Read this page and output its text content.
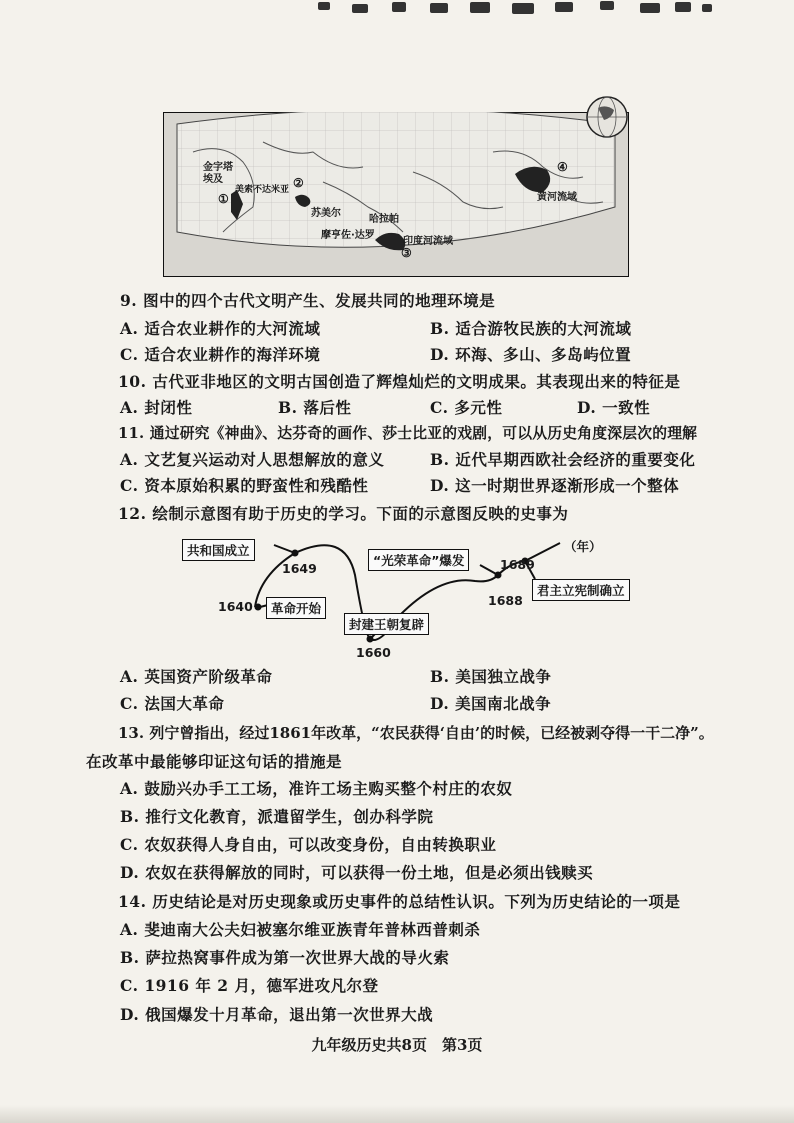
金字塔
埃及
①
美索不达米亚 ②
苏美尔
哈拉帕
摩亨佐·达罗
印度河流域
③
④
黄河流域
9. 图中的四个古代文明产生、发展共同的地理环境是
A. 适合农业耕作的大河流域	B. 适合游牧民族的大河流域
C. 适合农业耕作的海洋环境	D. 环海、多山、多岛屿位置
10. 古代亚非地区的文明古国创造了辉煌灿烂的文明成果。其表现出来的特征是
A. 封闭性	B. 落后性	C. 多元性	D. 一致性
11. 通过研究《神曲》、达芬奇的画作、莎士比亚的戏剧，可以从历史角度深层次的理解
A. 文艺复兴运动对人思想解放的意义	B. 近代早期西欧社会经济的重要变化
C. 资本原始积累的野蛮性和残酷性	D. 这一时期世界逐渐形成一个整体
12. 绘制示意图有助于历史的学习。下面的示意图反映的史事为
共和国成立
1649
1640	革命开始
封建王朝复辟
1660
“光荣革命”爆发
1688
1689
（年）
君主立宪制确立
A. 英国资产阶级革命	B. 美国独立战争
C. 法国大革命	D. 美国南北战争
13. 列宁曾指出，经过1861年改革，“农民获得‘自由’的时候，已经被剥夺得一干二净”。
在改革中最能够印证这句话的措施是
A. 鼓励兴办手工工场，准许工场主购买整个村庄的农奴
B. 推行文化教育，派遣留学生，创办科学院
C. 农奴获得人身自由，可以改变身份，自由转换职业
D. 农奴在获得解放的同时，可以获得一份土地，但是必须出钱赎买
14. 历史结论是对历史现象或历史事件的总结性认识。下列为历史结论的一项是
A. 斐迪南大公夫妇被塞尔维亚族青年普林西普刺杀
B. 萨拉热窝事件成为第一次世界大战的导火索
C. 1916 年 2 月，德军进攻凡尔登
D. 俄国爆发十月革命，退出第一次世界大战
九年级历史共8页　第3页
